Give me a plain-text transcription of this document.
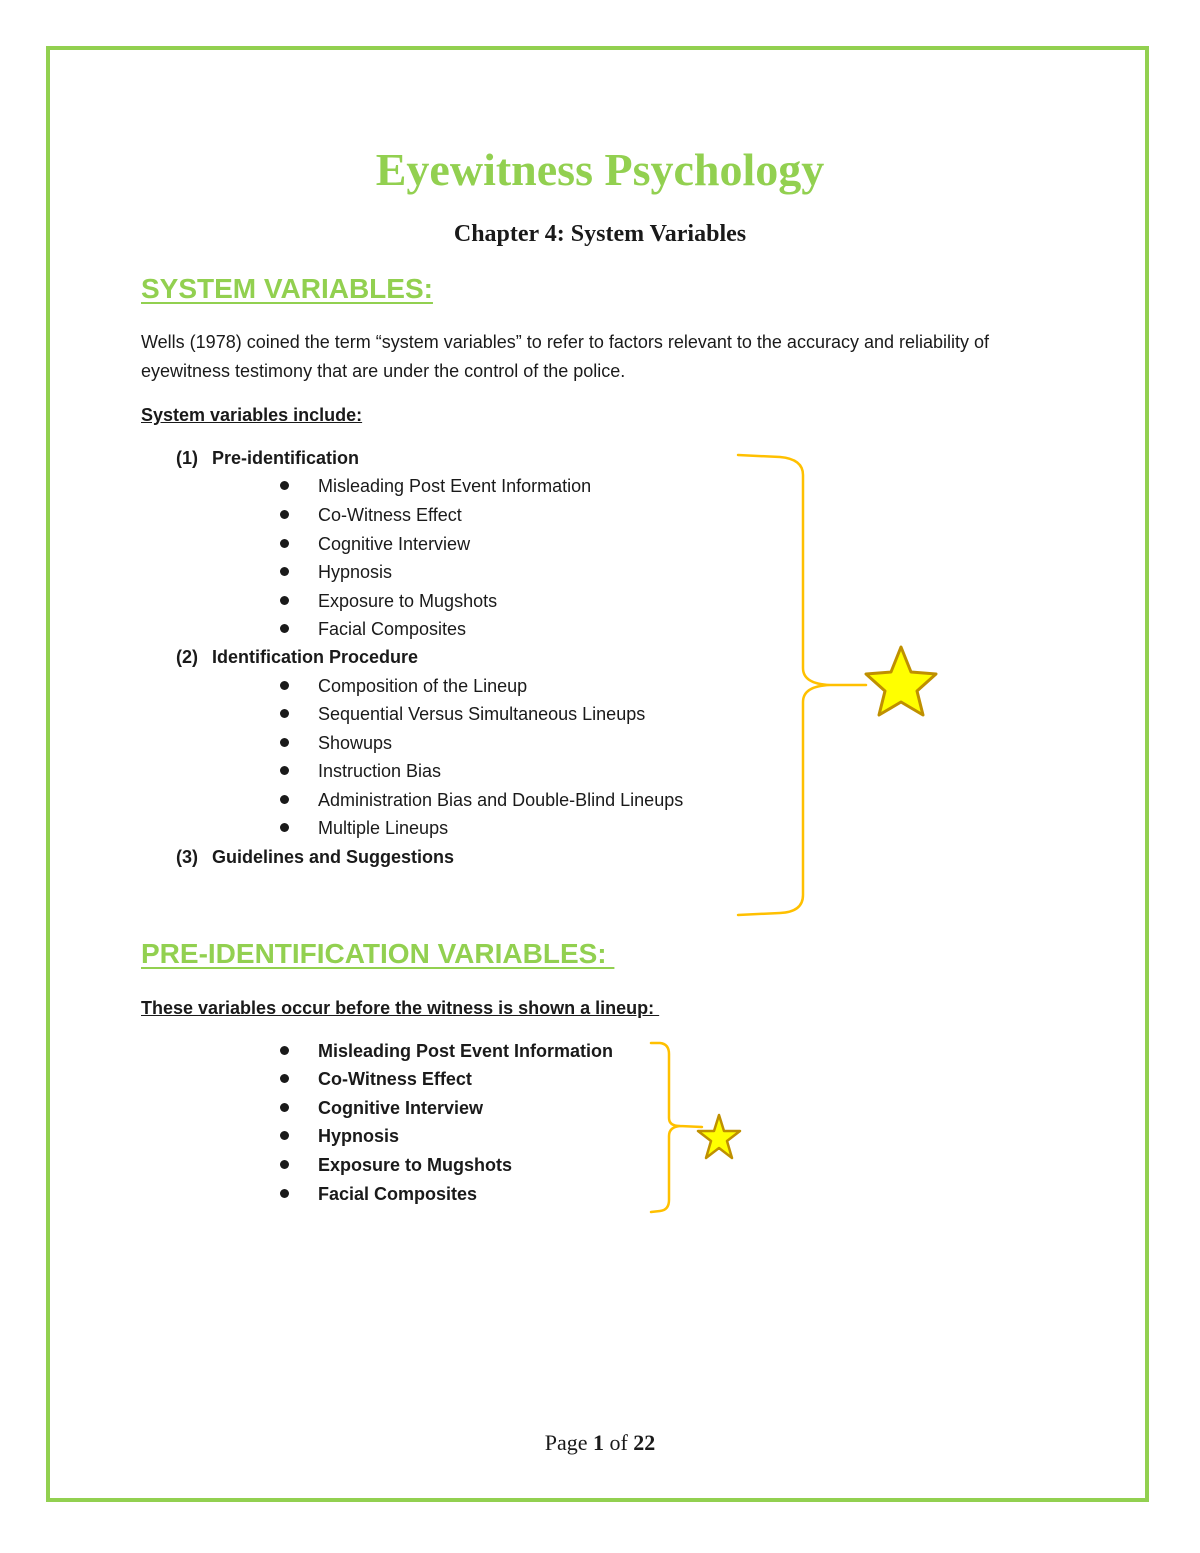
Eyewitness Psychology
Chapter 4: System Variables
SYSTEM VARIABLES:
Wells (1978) coined the term “system variables” to refer to factors relevant to the accuracy and reliability of eyewitness testimony that are under the control of the police.
System variables include:
(1) Pre-identification
Misleading Post Event Information
Co-Witness Effect
Cognitive Interview
Hypnosis
Exposure to Mugshots
Facial Composites
(2) Identification Procedure
Composition of the Lineup
Sequential Versus Simultaneous Lineups
Showups
Instruction Bias
Administration Bias and Double-Blind Lineups
Multiple Lineups
(3) Guidelines and Suggestions
PRE-IDENTIFICATION VARIABLES:
These variables occur before the witness is shown a lineup:
Misleading Post Event Information
Co-Witness Effect
Cognitive Interview
Hypnosis
Exposure to Mugshots
Facial Composites
Page 1 of 22
